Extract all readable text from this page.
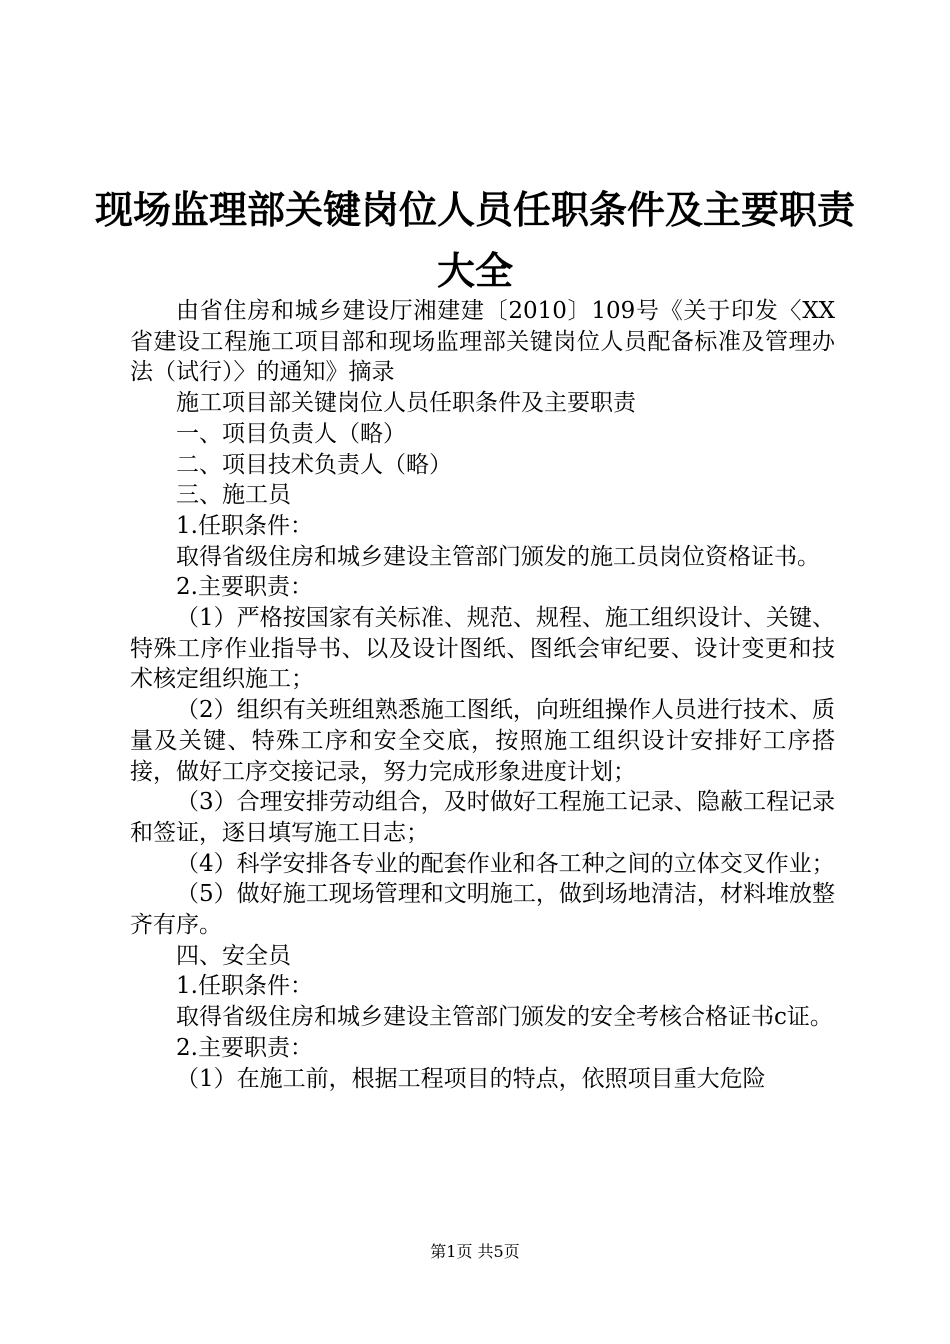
现场监理部关键岗位人员任职条件及主要职责
大全

由省住房和城乡建设厅湘建建〔2010〕109号《关于印发〈XX省建设工程施工项目部和现场监理部关键岗位人员配备标准及管理办法（试行）〉的通知》摘录

施工项目部关键岗位人员任职条件及主要职责

一、项目负责人（略）

二、项目技术负责人（略）

三、施工员

1.任职条件：

取得省级住房和城乡建设主管部门颁发的施工员岗位资格证书。

2.主要职责：

（1）严格按国家有关标准、规范、规程、施工组织设计、关键、特殊工序作业指导书、以及设计图纸、图纸会审纪要、设计变更和技术核定组织施工；

（2）组织有关班组熟悉施工图纸，向班组操作人员进行技术、质量及关键、特殊工序和安全交底，按照施工组织设计安排好工序搭接，做好工序交接记录，努力完成形象进度计划；

（3）合理安排劳动组合，及时做好工程施工记录、隐蔽工程记录和签证，逐日填写施工日志；

（4）科学安排各专业的配套作业和各工种之间的立体交叉作业；

（5）做好施工现场管理和文明施工，做到场地清洁，材料堆放整齐有序。

四、安全员

1.任职条件：

取得省级住房和城乡建设主管部门颁发的安全考核合格证书c证。

2.主要职责：

（1）在施工前，根据工程项目的特点，依照项目重大危险

第1页 共5页
